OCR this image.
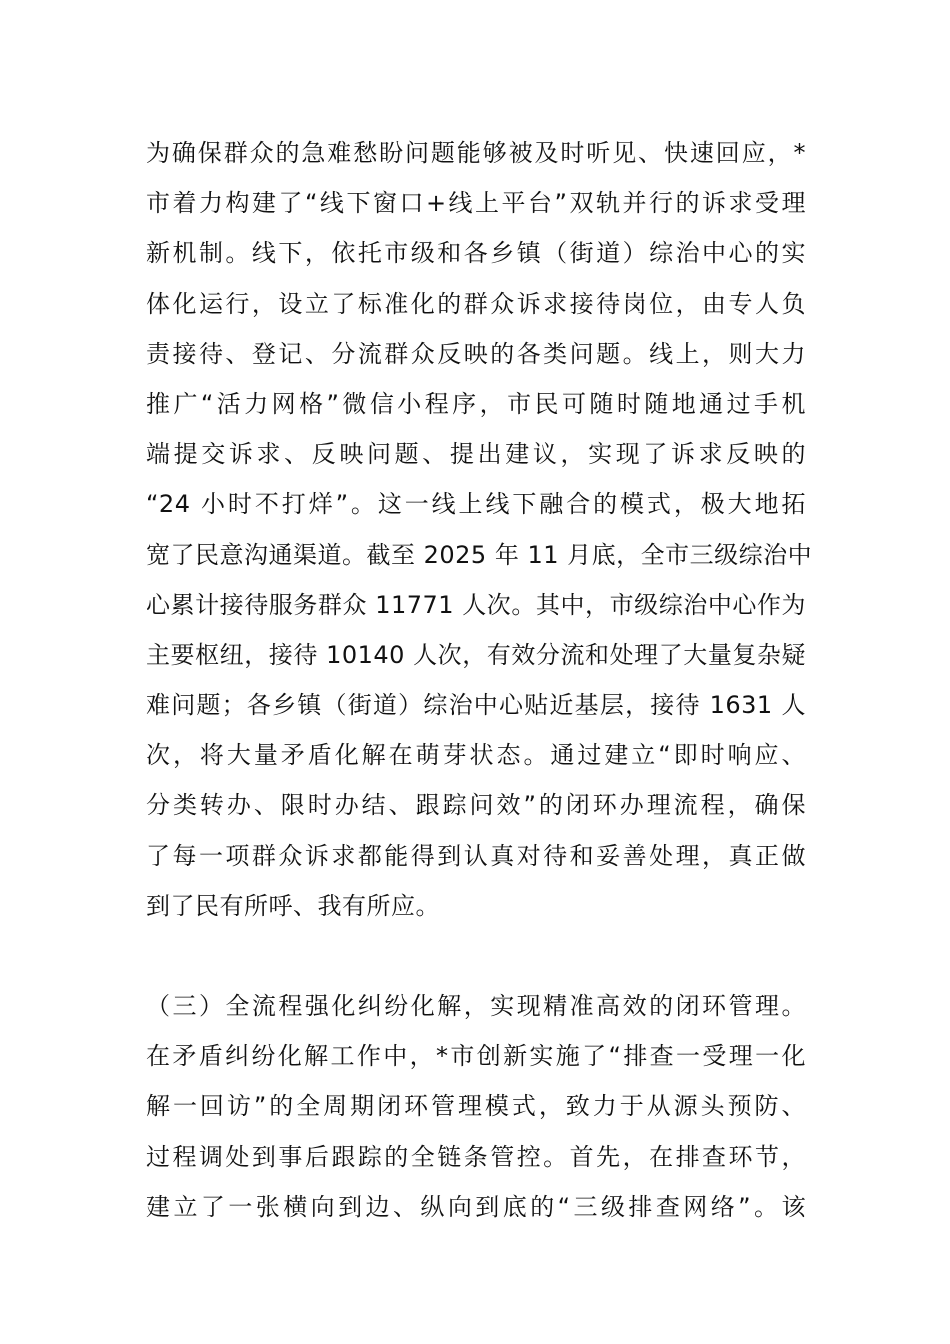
为确保群众的急难愁盼问题能够被及时听见、快速回应，*
市着力构建了“线下窗口+线上平台”双轨并行的诉求受理
新机制。线下，依托市级和各乡镇（街道）综治中心的实
体化运行，设立了标准化的群众诉求接待岗位，由专人负
责接待、登记、分流群众反映的各类问题。线上，则大力
推广“活力网格”微信小程序，市民可随时随地通过手机
端提交诉求、反映问题、提出建议，实现了诉求反映的
“24 小时不打烊”。这一线上线下融合的模式，极大地拓
宽了民意沟通渠道。截至 2025 年 11 月底，全市三级综治中
心累计接待服务群众 11771 人次。其中，市级综治中心作为
主要枢纽，接待 10140 人次，有效分流和处理了大量复杂疑
难问题；各乡镇（街道）综治中心贴近基层，接待 1631 人
次，将大量矛盾化解在萌芽状态。通过建立“即时响应、
分类转办、限时办结、跟踪问效”的闭环办理流程，确保
了每一项群众诉求都能得到认真对待和妥善处理，真正做
到了民有所呼、我有所应。
（三）全流程强化纠纷化解，实现精准高效的闭环管理。
在矛盾纠纷化解工作中，*市创新实施了“排查一受理一化
解一回访”的全周期闭环管理模式，致力于从源头预防、
过程调处到事后跟踪的全链条管控。首先，在排查环节，
建立了一张横向到边、纵向到底的“三级排查网络”。该
